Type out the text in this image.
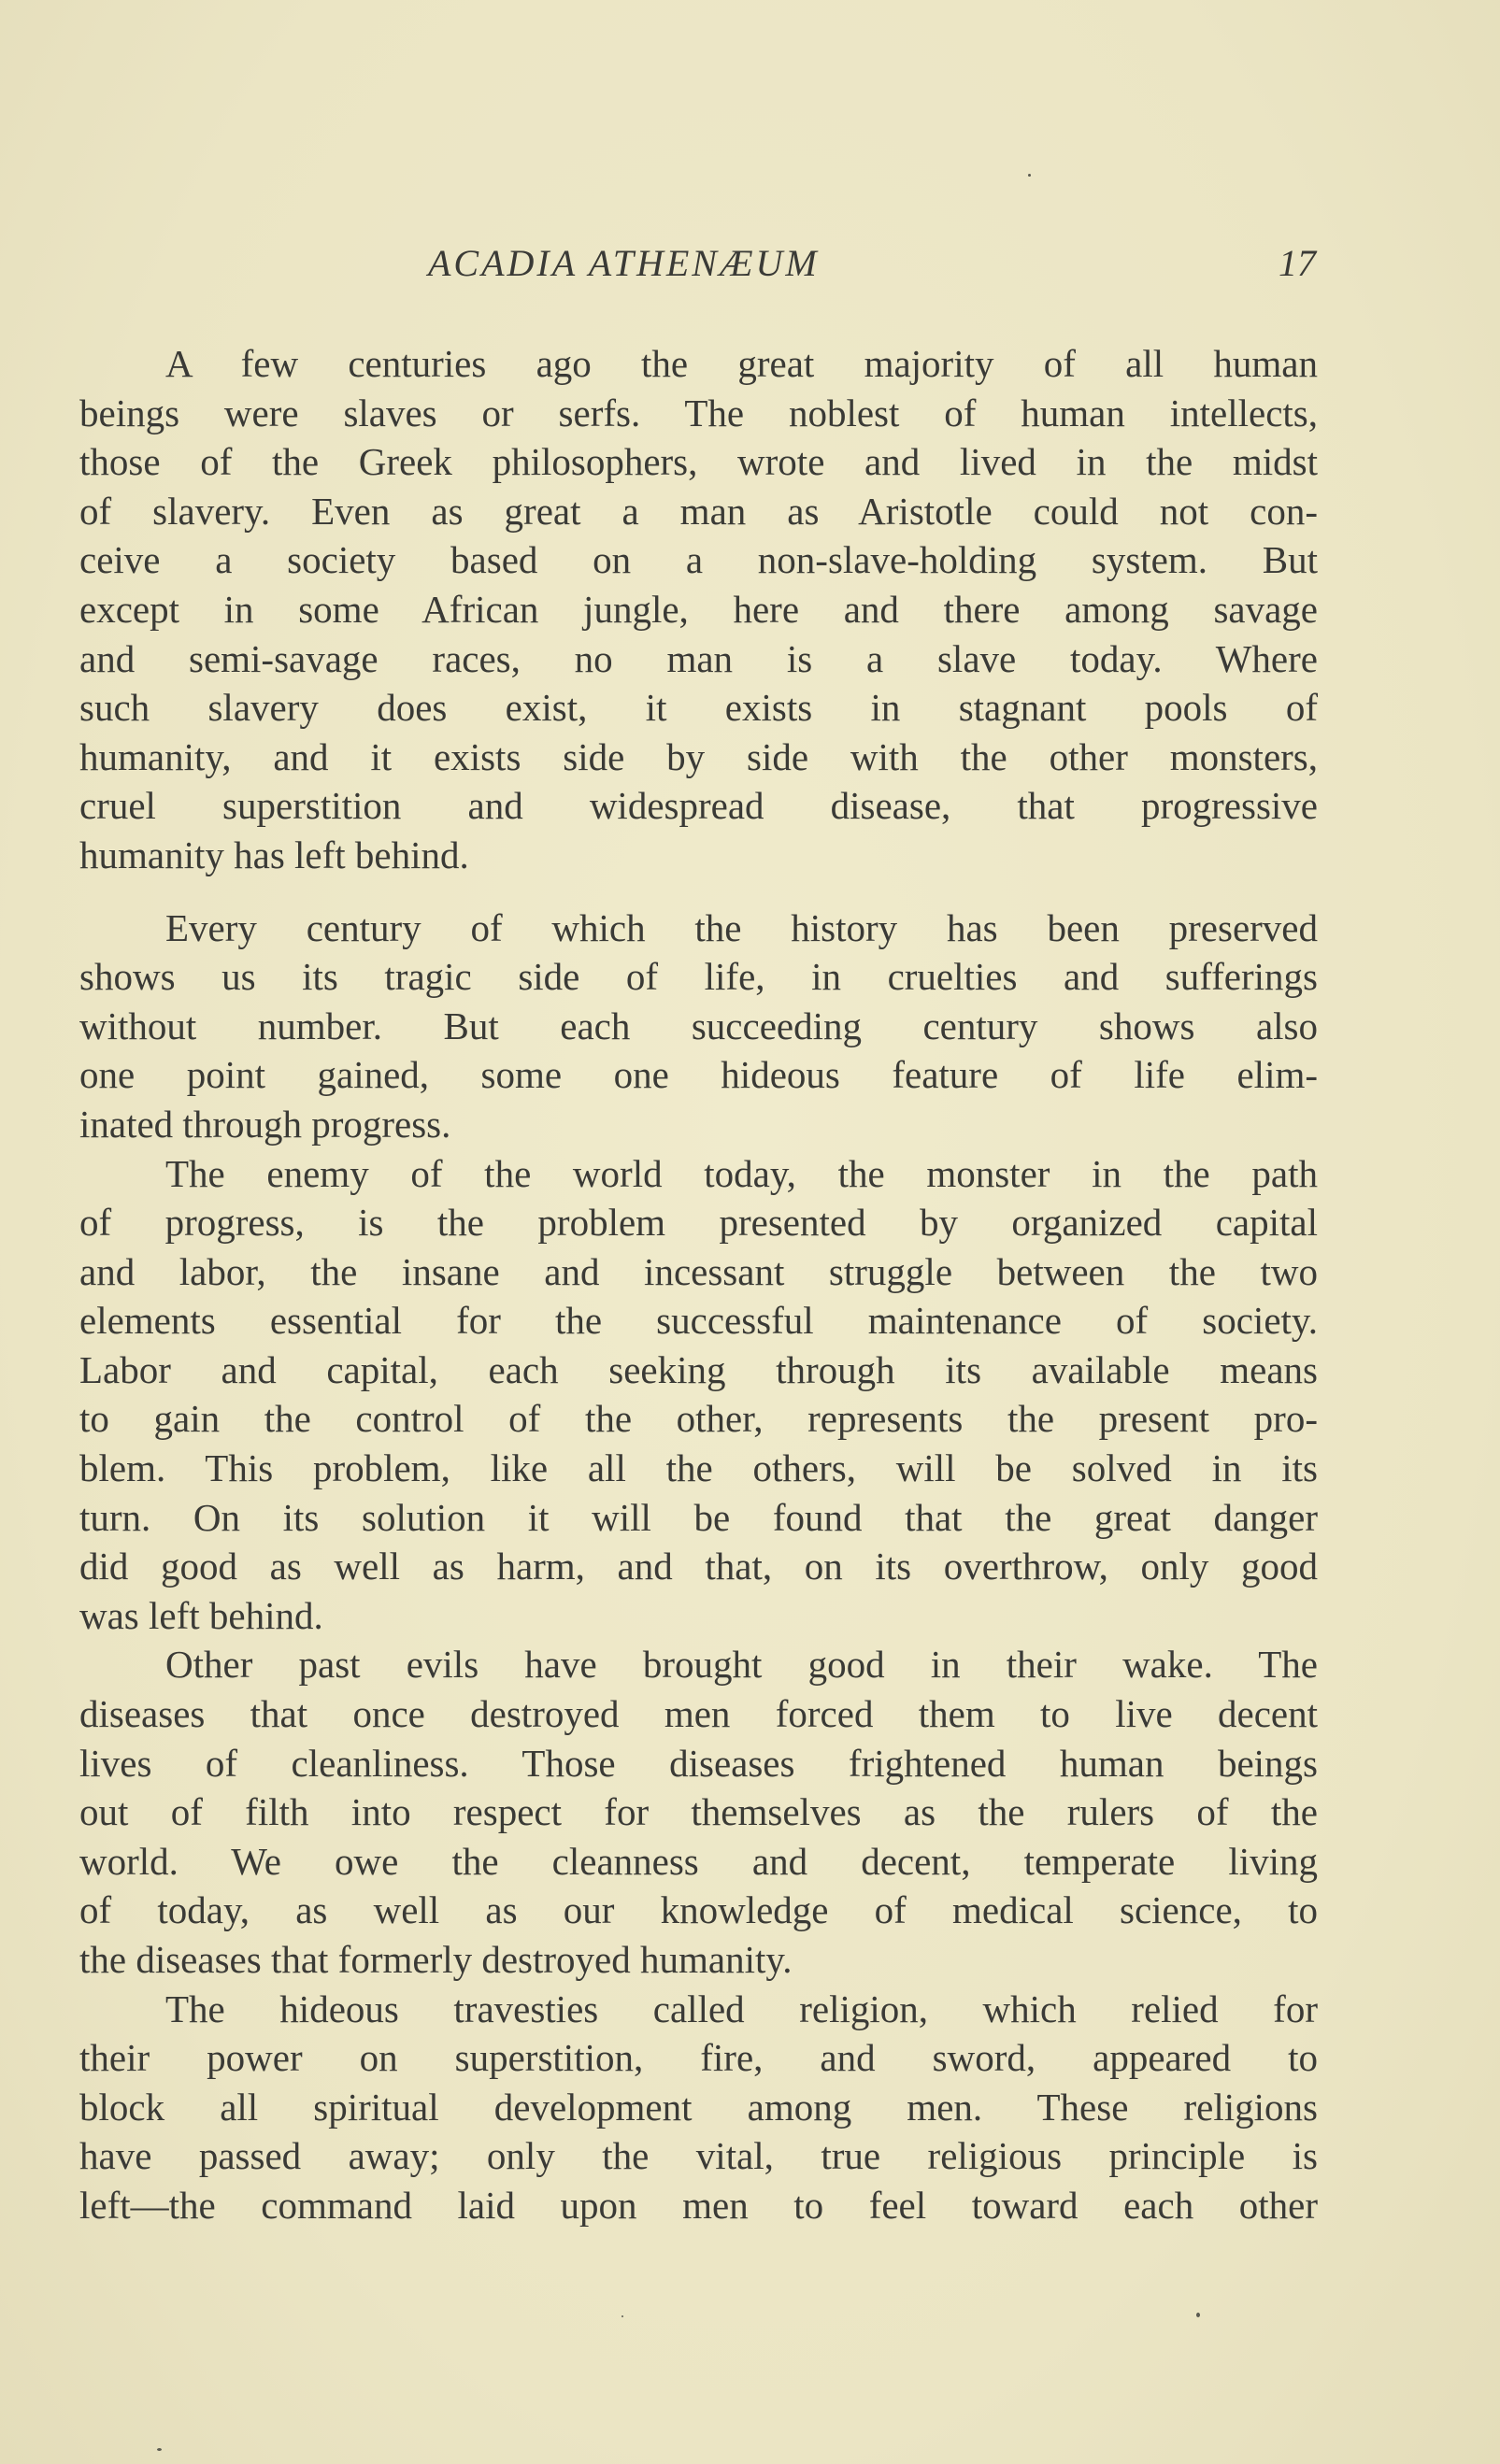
ACADIA ATHENÆUM	17
A few centuries ago the great majority of all human
beings were slaves or serfs. The noblest of human intellects,
those of the Greek philosophers, wrote and lived in the midst
of slavery. Even as great a man as Aristotle could not con-
ceive a society based on a non-slave-holding system. But
except in some African jungle, here and there among savage
and semi-savage races, no man is a slave today. Where
such slavery does exist, it exists in stagnant pools of
humanity, and it exists side by side with the other monsters,
cruel superstition and widespread disease, that progressive
humanity has left behind.
Every century of which the history has been preserved
shows us its tragic side of life, in cruelties and sufferings
without number. But each succeeding century shows also
one point gained, some one hideous feature of life elim-
inated through progress.
The enemy of the world today, the monster in the path
of progress, is the problem presented by organized capital
and labor, the insane and incessant struggle between the two
elements essential for the successful maintenance of society.
Labor and capital, each seeking through its available means
to gain the control of the other, represents the present pro-
blem. This problem, like all the others, will be solved in its
turn. On its solution it will be found that the great danger
did good as well as harm, and that, on its overthrow, only good
was left behind.
Other past evils have brought good in their wake. The
diseases that once destroyed men forced them to live decent
lives of cleanliness. Those diseases frightened human beings
out of filth into respect for themselves as the rulers of the
world. We owe the cleanness and decent, temperate living
of today, as well as our knowledge of medical science, to
the diseases that formerly destroyed humanity.
The hideous travesties called religion, which relied for
their power on superstition, fire, and sword, appeared to
block all spiritual development among men. These religions
have passed away; only the vital, true religious principle is
left—the command laid upon men to feel toward each other
